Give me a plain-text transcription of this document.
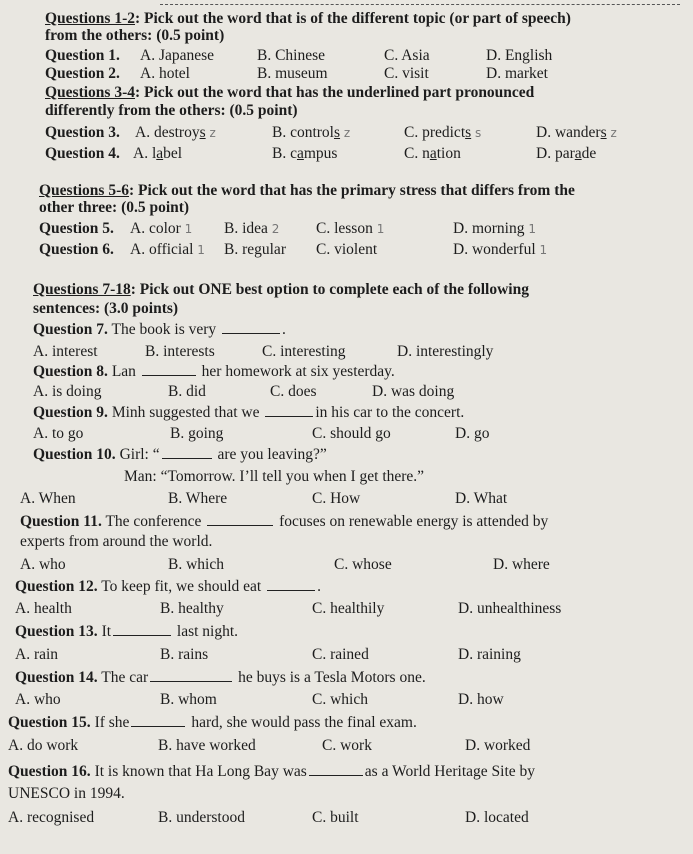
Questions 1-2: Pick out the word that is of the different topic (or part of speech)
from the others: (0.5 point)
Question 1. A. Japanese	B. Chinese	C. Asia	D. English
Question 2. A. hotel	B. museum	C. visit	D. market
Questions 3-4: Pick out the word that has the underlined part pronounced
differently from the others: (0.5 point)
Question 3. A. destroys z	B. controls z	C. predicts s	D. wanders z
Question 4. A. label	B. campus	C. nation	D. parade
Questions 5-6: Pick out the word that has the primary stress that differs from the
other three: (0.5 point)
Question 5. A. color 1 B. idea 2 C. lesson 1	D. morning 1
Question 6. A. official 1 B. regular C. violent	D. wonderful 1
Questions 7-18: Pick out ONE best option to complete each of the following
sentences: (3.0 points)
Question 7. The book is very	.
A. interest	B. interests	C. interesting	D. interestingly
Question 8. Lan	her homework at six yesterday.
A. is doing	B. did	C. does	D. was doing
Question 9. Minh suggested that we	in his car to the concert.
A. to go	B. going	C. should go	D. go
Question 10. Girl: “	are you leaving?”
Man: “Tomorrow. I’ll tell you when I get there.”
A. When	B. Where	C. How	D. What
Question 11. The conference	focuses on renewable energy is attended by
experts from around the world.
A. who	B. which	C. whose	D. where
Question 12. To keep fit, we should eat	.
A. health	B. healthy	C. healthily	D. unhealthiness
Question 13. It	last night.
A. rain	B. rains	C. rained	D. raining
Question 14. The car	he buys is a Tesla Motors one.
A. who	B. whom	C. which	D. how
Question 15. If she	hard, she would pass the final exam.
A. do work	B. have worked	C. work	D. worked
Question 16. It is known that Ha Long Bay was	as a World Heritage Site by
UNESCO in 1994.
A. recognised	B. understood	C. built	D. located
